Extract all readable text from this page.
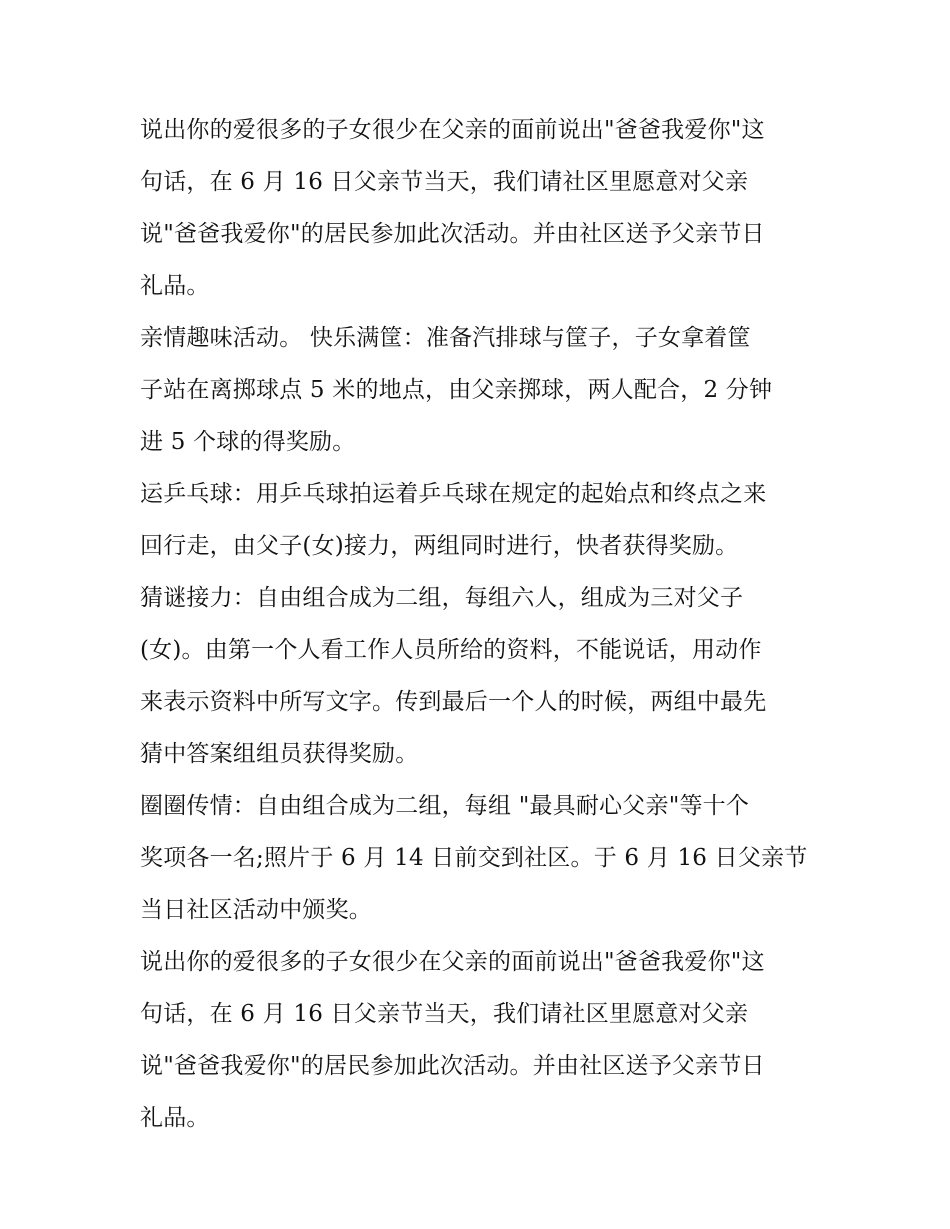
说出你的爱很多的子女很少在父亲的面前说出"爸爸我爱你"这
句话，在 6 月 16 日父亲节当天，我们请社区里愿意对父亲
说"爸爸我爱你"的居民参加此次活动。并由社区送予父亲节日
礼品。
亲情趣味活动。 快乐满筐：准备汽排球与筐子，子女拿着筐
子站在离掷球点 5 米的地点，由父亲掷球，两人配合，2 分钟
进 5 个球的得奖励。
运乒乓球：用乒乓球拍运着乒乓球在规定的起始点和终点之来
回行走，由父子(女)接力，两组同时进行，快者获得奖励。
猜谜接力：自由组合成为二组，每组六人，组成为三对父子
(女)。由第一个人看工作人员所给的资料，不能说话，用动作
来表示资料中所写文字。传到最后一个人的时候，两组中最先
猜中答案组组员获得奖励。
圈圈传情：自由组合成为二组，每组 "最具耐心父亲"等十个
奖项各一名;照片于 6 月 14 日前交到社区。于 6 月 16 日父亲节
当日社区活动中颁奖。
说出你的爱很多的子女很少在父亲的面前说出"爸爸我爱你"这
句话，在 6 月 16 日父亲节当天，我们请社区里愿意对父亲
说"爸爸我爱你"的居民参加此次活动。并由社区送予父亲节日
礼品。
